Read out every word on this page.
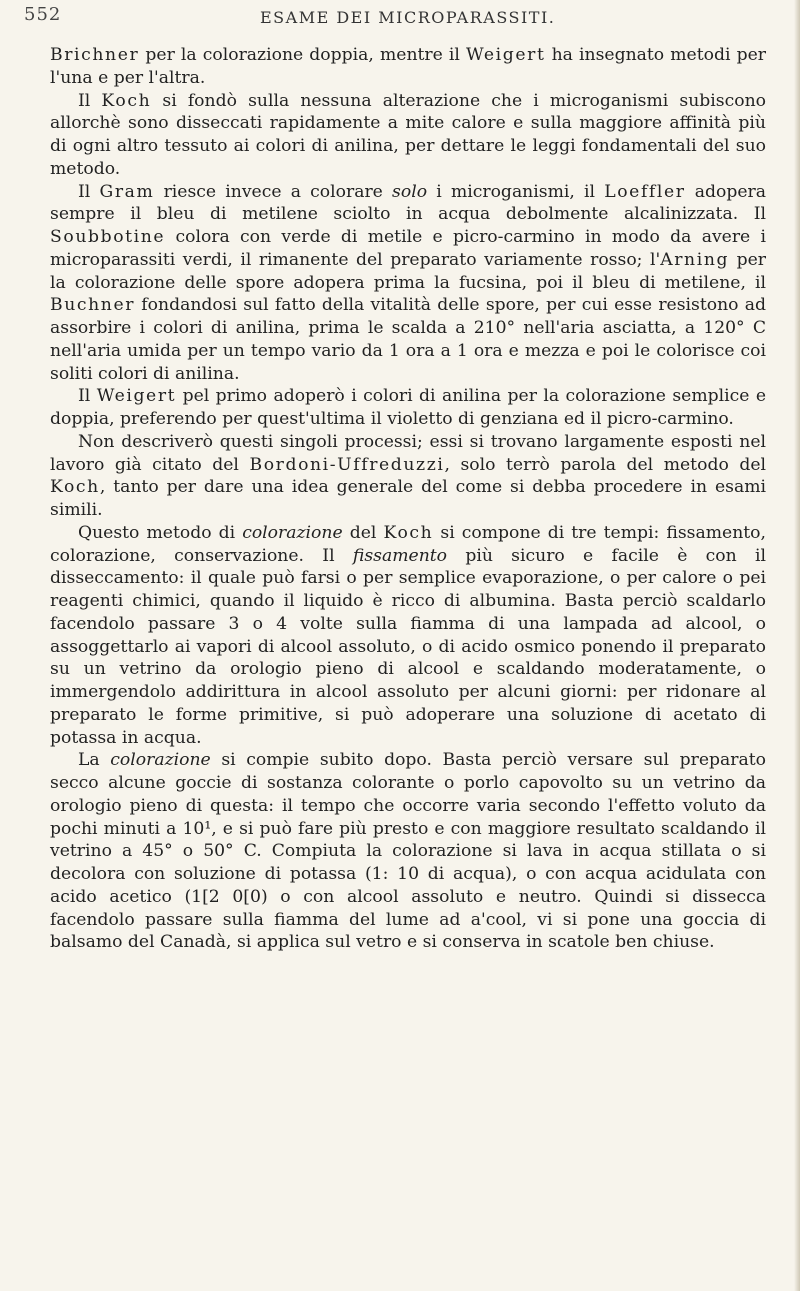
552	ESAME DEI MICROPARASSITI.

Brichner per la colorazione doppia, mentre il Weigert ha insegnato metodi per l'una e per l'altra.

Il Koch si fondò sulla nessuna alterazione che i microganismi subiscono allorchè sono disseccati rapidamente a mite calore e sulla maggiore affinità più di ogni altro tessuto ai colori di anilina, per dettare le leggi fondamentali del suo metodo.

Il Gram riesce invece a colorare solo i microganismi, il Loeffler adopera sempre il bleu di metilene sciolto in acqua debolmente alcalinizzata. Il Soubbotine colora con verde di metile e picro-carmino in modo da avere i microparassiti verdi, il rimanente del preparato variamente rosso; l'Arning per la colorazione delle spore adopera prima la fucsina, poi il bleu di metilene, il Buchner fondandosi sul fatto della vitalità delle spore, per cui esse resistono ad assorbire i colori di anilina, prima le scalda a 210° nell'aria asciatta, a 120° C nell'aria umida per un tempo vario da 1 ora a 1 ora e mezza e poi le colorisce coi soliti colori di anilina.

Il Weigert pel primo adoperò i colori di anilina per la colorazione semplice e doppia, preferendo per quest'ultima il violetto di genziana ed il picro-carmino.

Non descriverò questi singoli processi; essi si trovano largamente esposti nel lavoro già citato del Bordoni-Uffreduzzi, solo terrò parola del metodo del Koch, tanto per dare una idea generale del come si debba procedere in esami simili.

Questo metodo di colorazione del Koch si compone di tre tempi: fissamento, colorazione, conservazione. Il fissamento più sicuro e facile è con il disseccamento: il quale può farsi o per semplice evaporazione, o per calore o pei reagenti chimici, quando il liquido è ricco di albumina. Basta perciò scaldarlo facendolo passare 3 o 4 volte sulla fiamma di una lampada ad alcool, o assoggettarlo ai vapori di alcool assoluto, o di acido osmico ponendo il preparato su un vetrino da orologio pieno di alcool e scaldando moderatamente, o immergendolo addirittura in alcool assoluto per alcuni giorni: per ridonare al preparato le forme primitive, si può adoperare una soluzione di acetato di potassa in acqua.

La colorazione si compie subito dopo. Basta perciò versare sul preparato secco alcune goccie di sostanza colorante o porlo capovolto su un vetrino da orologio pieno di questa: il tempo che occorre varia secondo l'effetto voluto da pochi minuti a 10¹, e si può fare più presto e con maggiore resultato scaldando il vetrino a 45° o 50° C. Compiuta la colorazione si lava in acqua stillata o si decolora con soluzione di potassa (1: 10 di acqua), o con acqua acidulata con acido acetico (1[2 0[0) o con alcool assoluto e neutro. Quindi si dissecca facendolo passare sulla fiamma del lume ad a'cool, vi si pone una goccia di balsamo del Canadà, si applica sul vetro e si conserva in scatole ben chiuse.
